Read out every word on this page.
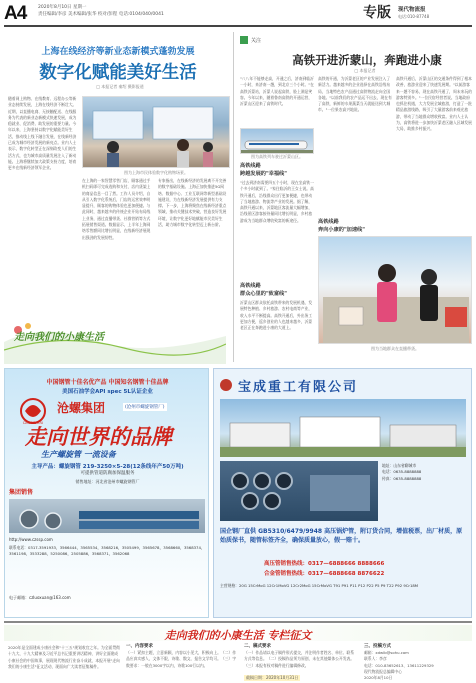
A4	2020年8月10日 星期一
责任编辑/李彦 美术编辑/张华 校对/彭程 电话:0104/040/0041	专版 现代物流报
电话:010-87748
上海在线经济等新业态新模式蓬勃发展
数字化赋能美好生活
□ 本报记者 秦绍 摄影报道
随着网上购物、在线教育、远程办公等新业态持续发展，上海在线经济不断壮大。近期，以直播电商、无接触配送、在线服务为代表的新业态新模式快速发展，成为稳就业、促消费、助发展的重要力量。今年以来，上海坚持以数字化赋能美好生活，推动线上线下融合发展，在线新经济已成为城市经济发展的新亮点。业内人士表示，数字化转型正在深刻改变人们的生活方式，也为城市高质量发展注入了新动能。上海将继续加大政策支持力度，培育更多在线新经济领军企业。
图为上海市民体验数字化购物场景。
在上海的一家智慧零售门店，顾客通过手机扫码即可完成选购和支付，店内货架上的商品信息一目了然。工作人员介绍，自从引入数字化系统后，门店的运营效率明显提升，顾客的购物体验也更加便捷。与此同时，越来越多的传统企业开始布局线上业务，通过直播带货、社群营销等方式拓展销售渠道。数据显示，上半年上海网络零售额同比增长明显，在线新经济展现出强劲的发展韧性。
专家指出，在线新经济的发展离不开完善的数字基础设施。上海正加快推进5G网络、数据中心、工业互联网等新型基础设施建设，为在线新经济发展提供有力支撑。下一步，上海将聚焦在线新经济重点领域，推动关键技术突破，营造良好发展环境，让数字化更好地赋能市民美好生活，助力城市数字化转型迈上新台阶。
走向我们的小康生活
关注
高铁开进沂蒙山，奔跑进小康
□ 本报记者
"八八年不能够走高，开通之后，济南到临沂一小时，来济南一趟，到北京三个小时。"在高铁沂蒙站，沂蒙人说起高铁，脸上满是笑容。今年以来，随着鲁南高铁的开通运营，沂蒙山区迎来了高铁时代。
图为高铁列车驶过沂蒙山区。
高铁线路
跨越发展的"幸福线"
"过去到济南需要四五个小时，现在坐高铁一个多小时就到了。"家住临沂的王女士说。高铁开通后，沿线群众出行更加便捷，也带动了当地旅游、物流等产业的发展。据了解，高铁开通以来，沂蒙地区客流量大幅增加，沿线景区游客接待量同比增长明显，乡村旅游成为当地群众增收致富的新途径。
高铁线路
群众心里的"致富线"
沂蒙山区群众依托高铁带来的发展机遇，发展特色种植、乡村旅游、农村电商等产业，收入水平不断提高。高铁开通后，外出务工更加方便，返乡创业的人也越来越多，沂蒙老区正在奔跑进小康的大道上。
高铁的开通，为沂蒙老区的产业发展注入了新活力。越来越多的企业选择在高铁沿线布局，当地特色农产品通过高铁物流走向全国各地。"以前我们的农产品运不出去，现在有了高铁，新鲜的水果蔬菜当天就能送到大城市。"一位果农高兴地说。
高铁线路
奔向小康的"加速线"
图为当地群众在直播带货。
高铁开通后，沂蒙山区的交通条件得到了根本改善，旅游业迎来了快速发展期。"以前游客来一趟不容易，现在高铁开通了，周末来玩的游客特别多。"一位民宿经营者说。当地政府也抓住机遇，大力发展全域旅游，打造了一批精品旅游线路，吸引了大量游客前来观光旅游，带动了当地群众增收致富。业内人士认为，高铁将进一步加快沂蒙老区融入区域发展大局，助推乡村振兴。
中国钢管十佳名优产品 中国知名钢管十佳品牌
美国石油学会API spec 5L认证企业
CANGZHOU
沧螺集团	(沧州市螺旋钢管厂)
走向世界的品牌
生产螺旋管 一流设备
主导产品：螺旋钢管 219-3250×5-28(12条线年产50万吨)
可提供管道防腐加保温服务
销售地址：河北省沧州市螺旋钢管厂
集团销售
http://www.czssp.com
联系电话：0317-3591933，3566444，3565534，3568216，3505499，3565678，3568660，3568374，3561198，3533288，5250086，2505886，3568371，3562068
电子邮箱：czluoxuan@163.com
宝成重工有限公司
地址：山东省聊城市
电话：0635-8888888
传真：0635-8888888
国企钢厂直供 GB5310/6479/9948 高压锅炉管，附订货合同，增值税票，出厂材质，原始质保书，随管标签齐全，确保质量放心，假一赔十。
高压管销售热线：0317—6888666 8888666
合金管销售热线：0317—6888668 8876622
主营规格：20G 15CrMoG 12Cr1MoVG 12Cr2MoG 15CrMoVG T91 P91 P11 P12 P22 P5 P9 T22 P92 9Cr18M
走向我们的小康生活 专栏征文
2020年是全面建成小康社会和"十三五"规划收官之年。为全面贯彻十九大、十九大精神及习近平总书记重要讲话精神，讲好全面建成小康社会的中国故事，展现现代物流行业奋斗成就，本报开展"走向我们的小康生活"征文活动，现面向广大读者征集稿件。
一、内容要求
（一）紧扣主题，立意新颖，内容以小见大，积极向上。（二）作品应真实感人，文体不限，诗歌、散文、报告文学均可。（三）字数要求：一般在3000字以内，诗歌100行以内。
二、稿式要求
（一）作品请以电子稿件形式提交，并注明作者姓名、单位、联系方式等信息。（二）投稿作品须为原创，未在其他媒体公开发表。（三）本报有权对稿件进行编辑修改。
截稿日期：2020年10月31日
三、投稿方式
邮箱：xdwlb@sohu.com
联系人：李彦
电话：010-83652613、13611229329
现代物流报总编辑中心
2020年8月10日
